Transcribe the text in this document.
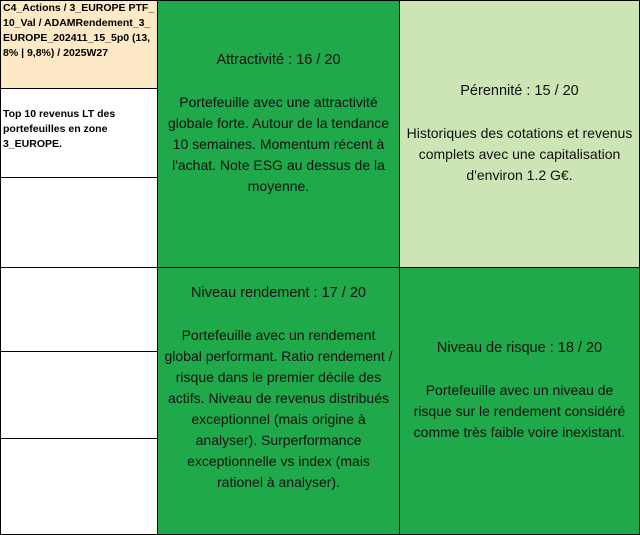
C4_Actions / 3_EUROPE PTF_10_Val / ADAMRendement_3_EUROPE_202411_15_5p0 (13,8% | 9,8%) / 2025W27
Top 10 revenus LT des portefeuilles en zone 3_EUROPE.
Attractivité : 16 / 20
Portefeuille avec une attractivité globale forte. Autour de la tendance 10 semaines. Momentum récent à l'achat. Note ESG au dessus de la moyenne.
Pérennité : 15 / 20
Historiques des cotations et revenus complets avec une capitalisation d'environ 1.2 G€.
Niveau rendement : 17 / 20
Portefeuille avec un rendement global performant. Ratio rendement / risque dans le premier décile des actifs. Niveau de revenus distribués exceptionnel (mais origine à analyser). Surperformance exceptionnelle vs index (mais rationel à analyser).
Niveau de risque : 18 / 20
Portefeuille avec un niveau de risque sur le rendement considéré comme très faible voire inexistant.
